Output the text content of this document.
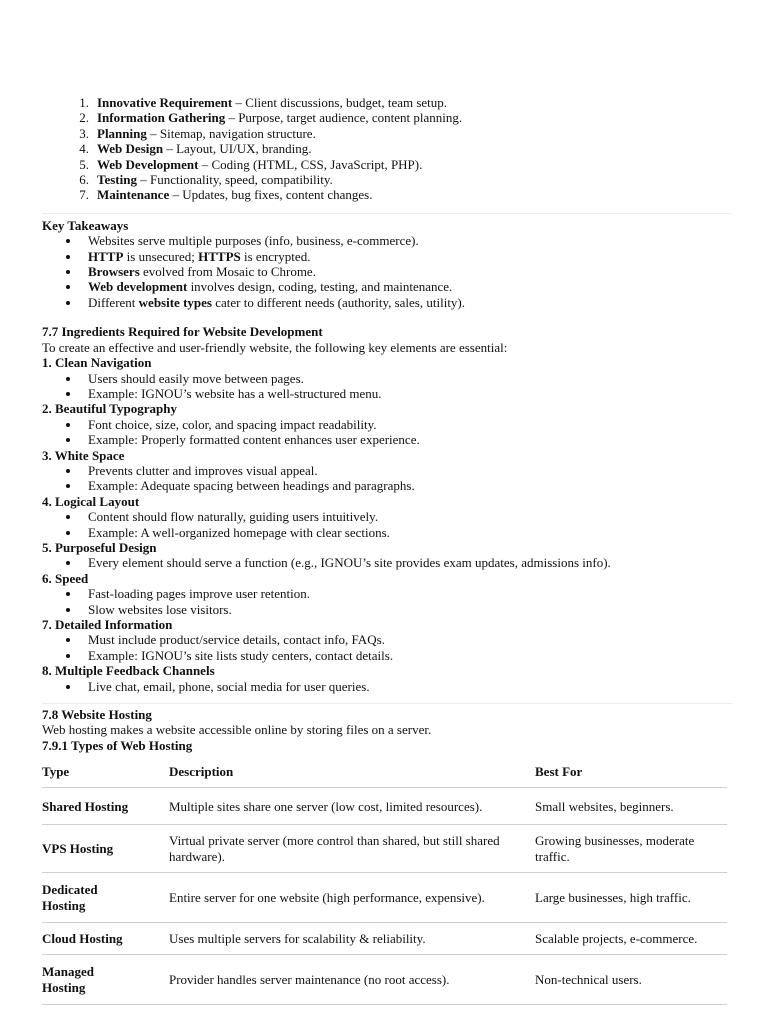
1. Innovative Requirement – Client discussions, budget, team setup.
2. Information Gathering – Purpose, target audience, content planning.
3. Planning – Sitemap, navigation structure.
4. Web Design – Layout, UI/UX, branding.
5. Web Development – Coding (HTML, CSS, JavaScript, PHP).
6. Testing – Functionality, speed, compatibility.
7. Maintenance – Updates, bug fixes, content changes.
Key Takeaways
Websites serve multiple purposes (info, business, e-commerce).
HTTP is unsecured; HTTPS is encrypted.
Browsers evolved from Mosaic to Chrome.
Web development involves design, coding, testing, and maintenance.
Different website types cater to different needs (authority, sales, utility).
7.7 Ingredients Required for Website Development

To create an effective and user-friendly website, the following key elements are essential:

1. Clean Navigation
Users should easily move between pages.
Example: IGNOU’s website has a well-structured menu.
2. Beautiful Typography
Font choice, size, color, and spacing impact readability.
Example: Properly formatted content enhances user experience.
3. White Space
Prevents clutter and improves visual appeal.
Example: Adequate spacing between headings and paragraphs.
4. Logical Layout
Content should flow naturally, guiding users intuitively.
Example: A well-organized homepage with clear sections.
5. Purposeful Design
Every element should serve a function (e.g., IGNOU’s site provides exam updates, admissions info).
6. Speed
Fast-loading pages improve user retention.
Slow websites lose visitors.
7. Detailed Information
Must include product/service details, contact info, FAQs.
Example: IGNOU’s site lists study centers, contact details.
8. Multiple Feedback Channels
Live chat, email, phone, social media for user queries.
7.8 Website Hosting

Web hosting makes a website accessible online by storing files on a server.

7.9.1 Types of Web Hosting
Type	Description	Best For
Shared Hosting	Multiple sites share one server (low cost, limited resources).	Small websites, beginners.
VPS Hosting	Virtual private server (more control than shared, but still shared hardware).	Growing businesses, moderate traffic.
Dedicated Hosting	Entire server for one website (high performance, expensive).	Large businesses, high traffic.
Cloud Hosting	Uses multiple servers for scalability & reliability.	Scalable projects, e-commerce.
Managed Hosting	Provider handles server maintenance (no root access).	Non-technical users.
